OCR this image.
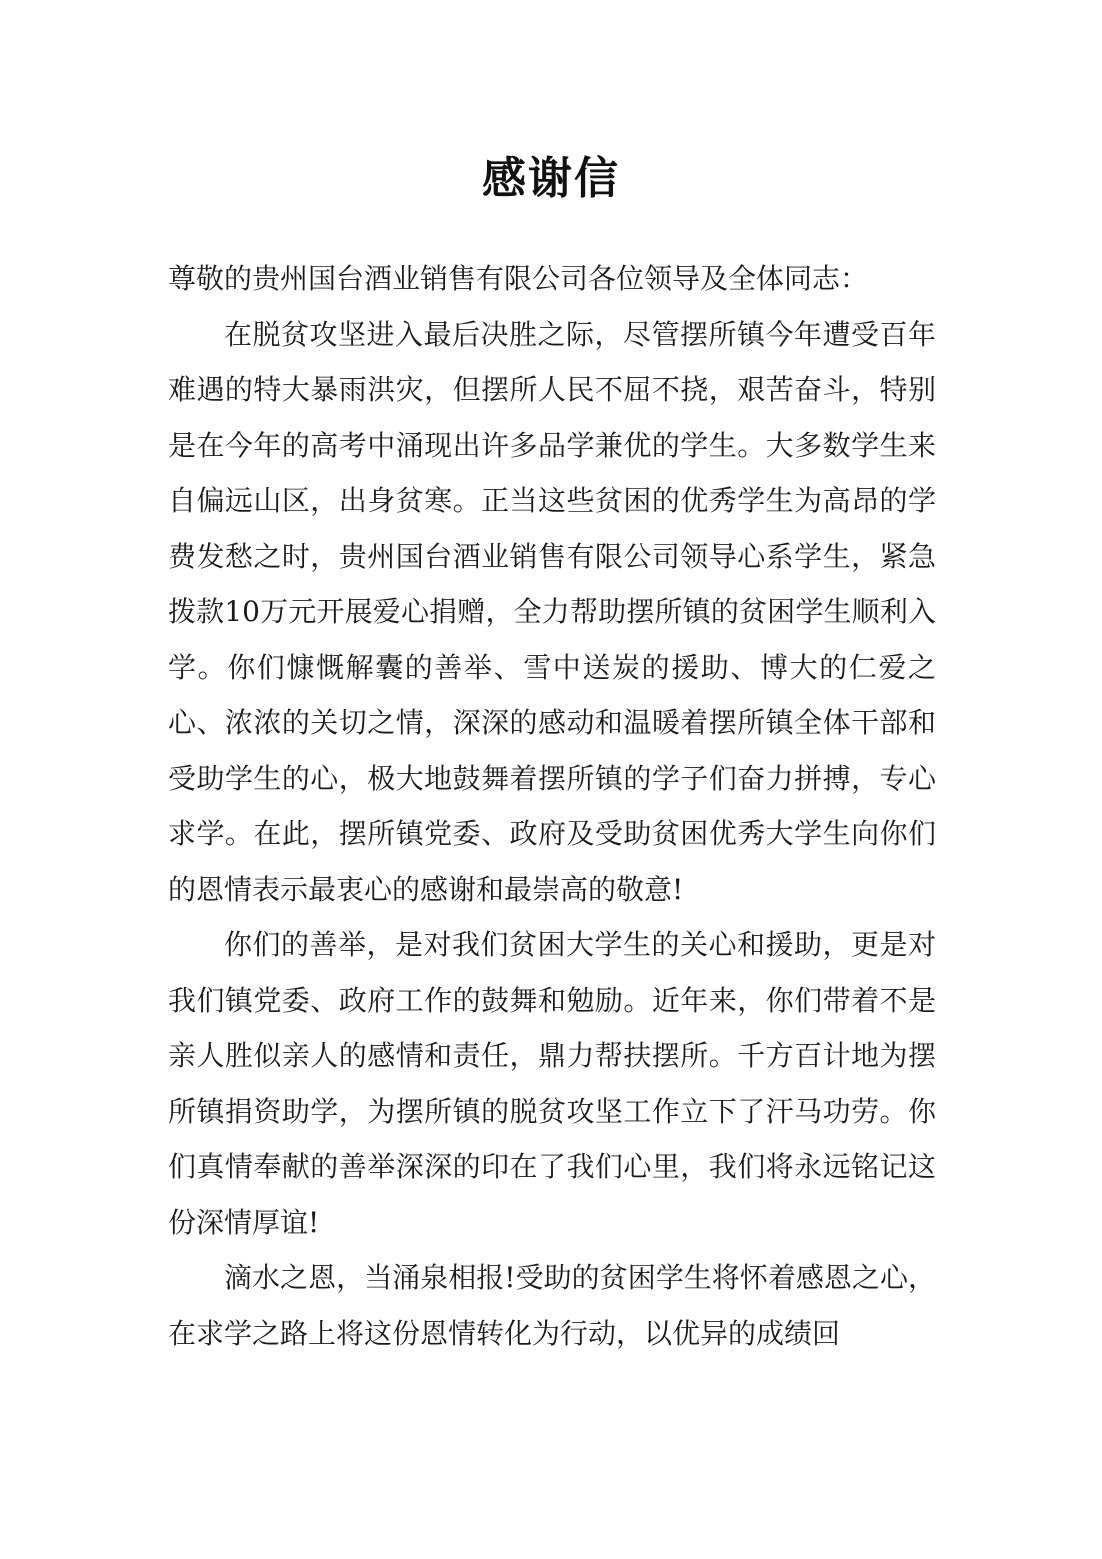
感谢信

尊敬的贵州国台酒业销售有限公司各位领导及全体同志：

在脱贫攻坚进入最后决胜之际，尽管摆所镇今年遭受百年难遇的特大暴雨洪灾，但摆所人民不屈不挠，艰苦奋斗，特别是在今年的高考中涌现出许多品学兼优的学生。大多数学生来自偏远山区，出身贫寒。正当这些贫困的优秀学生为高昂的学费发愁之时，贵州国台酒业销售有限公司领导心系学生，紧急拨款10万元开展爱心捐赠，全力帮助摆所镇的贫困学生顺利入学。你们慷慨解囊的善举、雪中送炭的援助、博大的仁爱之心、浓浓的关切之情，深深的感动和温暖着摆所镇全体干部和受助学生的心，极大地鼓舞着摆所镇的学子们奋力拼搏，专心求学。在此，摆所镇党委、政府及受助贫困优秀大学生向你们的恩情表示最衷心的感谢和最崇高的敬意!

你们的善举，是对我们贫困大学生的关心和援助，更是对我们镇党委、政府工作的鼓舞和勉励。近年来，你们带着不是亲人胜似亲人的感情和责任，鼎力帮扶摆所。千方百计地为摆所镇捐资助学，为摆所镇的脱贫攻坚工作立下了汗马功劳。你们真情奉献的善举深深的印在了我们心里，我们将永远铭记这份深情厚谊!

滴水之恩，当涌泉相报!受助的贫困学生将怀着感恩之心，在求学之路上将这份恩情转化为行动，以优异的成绩回
